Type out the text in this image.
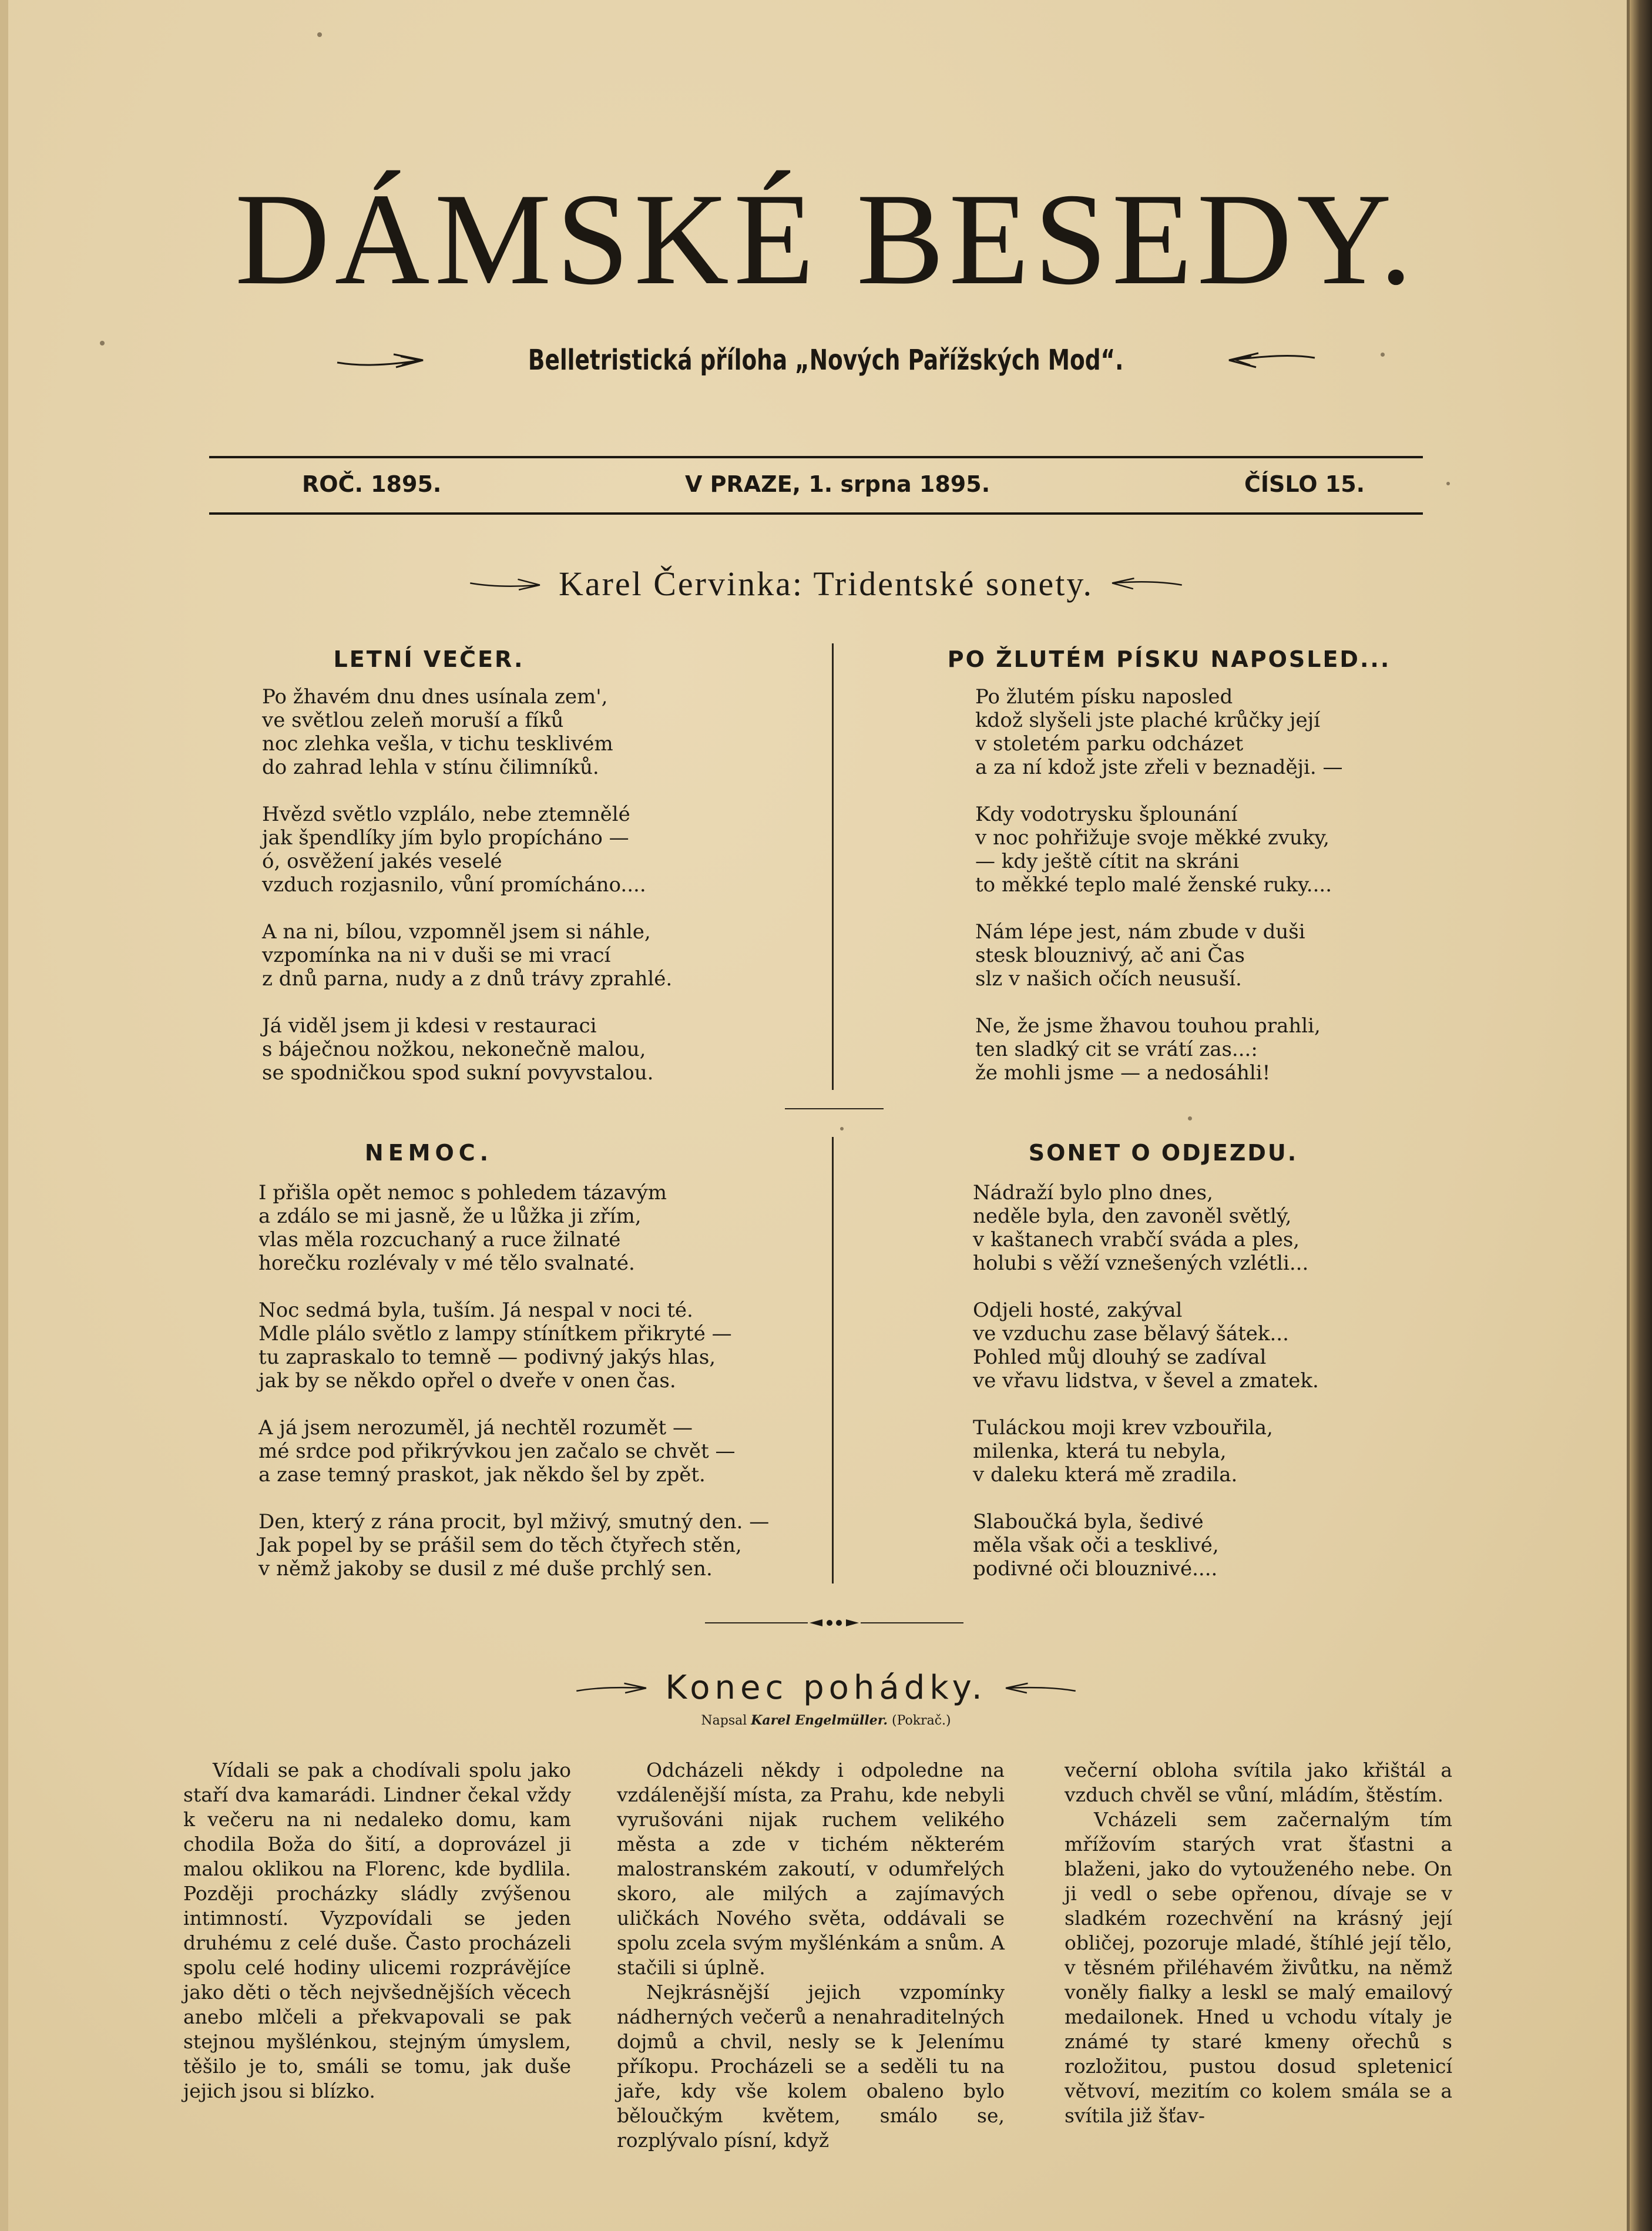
DÁMSKÉ BESEDY.
Belletristická příloha „Nových Pařížských Mod“.
ROČ. 1895.	V PRAZE, 1. srpna 1895.	ČÍSLO 15.
Karel Červinka: Tridentské sonety.
LETNÍ VEČER.
Po žhavém dnu dnes usínala zem',
ve světlou zeleň moruší a fíků
noc zlehka vešla, v tichu tesklivém
do zahrad lehla v stínu čilimníků.
Hvězd světlo vzplálo, nebe ztemnělé
jak špendlíky jím bylo propícháno —
ó, osvěžení jakés veselé
vzduch rozjasnilo, vůní promícháno....
A na ni, bílou, vzpomněl jsem si náhle,
vzpomínka na ni v duši se mi vrací
z dnů parna, nudy a z dnů trávy zprahlé.
Já viděl jsem ji kdesi v restauraci
s báječnou nožkou, nekonečně malou,
se spodničkou spod sukní povyvstalou.
PO ŽLUTÉM PÍSKU NAPOSLED...
Po žlutém písku naposled
kdož slyšeli jste plaché krůčky její
v stoletém parku odcházet
a za ní kdož jste zřeli v beznaději. —
Kdy vodotrysku šplounání
v noc pohřižuje svoje měkké zvuky,
— kdy ještě cítit na skráni
to měkké teplo malé ženské ruky....
Nám lépe jest, nám zbude v duši
stesk blouznivý, ač ani Čas
slz v našich očích neusuší.
Ne, že jsme žhavou touhou prahli,
ten sladký cit se vrátí zas...:
že mohli jsme — a nedosáhli!
NEMOC.
I přišla opět nemoc s pohledem tázavým
a zdálo se mi jasně, že u lůžka ji zřím,
vlas měla rozcuchaný a ruce žilnaté
horečku rozlévaly v mé tělo svalnaté.
Noc sedmá byla, tuším. Já nespal v noci té.
Mdle plálo světlo z lampy stínítkem přikryté —
tu zapraskalo to temně — podivný jakýs hlas,
jak by se někdo opřel o dveře v onen čas.
A já jsem nerozuměl, já nechtěl rozumět —
mé srdce pod přikrývkou jen začalo se chvět —
a zase temný praskot, jak někdo šel by zpět.
Den, který z rána procit, byl mživý, smutný den. —
Jak popel by se prášil sem do těch čtyřech stěn,
v němž jakoby se dusil z mé duše prchlý sen.
SONET O ODJEZDU.
Nádraží bylo plno dnes,
neděle byla, den zavoněl světlý,
v kaštanech vrabčí sváda a ples,
holubi s věží vznešených vzlétli...
Odjeli hosté, zakýval
ve vzduchu zase bělavý šátek...
Pohled můj dlouhý se zadíval
ve vřavu lidstva, v ševel a zmatek.
Tuláckou moji krev vzbouřila,
milenka, která tu nebyla,
v daleku která mě zradila.
Slaboučká byla, šedivé
měla však oči a tesklivé,
podivné oči blouznivé....
Konec pohádky.
Napsal Karel Engelmüller. (Pokrač.)

Vídali se pak a chodívali spolu jako staří dva kamarádi. Lindner čekal vždy k večeru na ni nedaleko domu, kam chodila Boža do šití, a doprovázel ji malou oklikou na Florenc, kde bydlila. Později procházky sládly zvýšenou intimností. Vyzpovídali se jeden druhému z celé duše. Často procházeli spolu celé hodiny ulicemi rozprávějíce jako děti o těch nejvšednějších věcech anebo mlčeli a překvapovali se pak stejnou myšlénkou, stejným úmyslem, těšilo je to, smáli se tomu, jak duše jejich jsou si blízko.

Odcházeli někdy i odpoledne na vzdálenější místa, za Prahu, kde nebyli vyrušováni nijak ruchem velikého města a zde v tichém některém malostranském zakoutí, v odumřelých skoro, ale milých a zajímavých uličkách Nového světa, oddávali se spolu zcela svým myšlénkám a snům. A stačili si úplně.

Nejkrásnější jejich vzpomínky nádherných večerů a nenahraditelných dojmů a chvil, nesly se k Jelenímu příkopu. Procházeli se a seděli tu na jaře, kdy vše kolem obaleno bylo běloučkým květem, smálo se, rozplývalo písní, když

večerní obloha svítila jako křištál a vzduch chvěl se vůní, mládím, štěstím.

Vcházeli sem začernalým tím mřížovím starých vrat šťastni a blaženi, jako do vytouženého nebe. On ji vedl o sebe opřenou, dívaje se v sladkém rozechvění na krásný její obličej, pozoruje mladé, štíhlé její tělo, v těsném přiléhavém živůtku, na němž voněly fialky a leskl se malý emailový medailonek. Hned u vchodu vítaly je známé ty staré kmeny ořechů s rozložitou, pustou dosud spletenicí větvoví, mezitím co kolem smála se a svítila již šťav-
